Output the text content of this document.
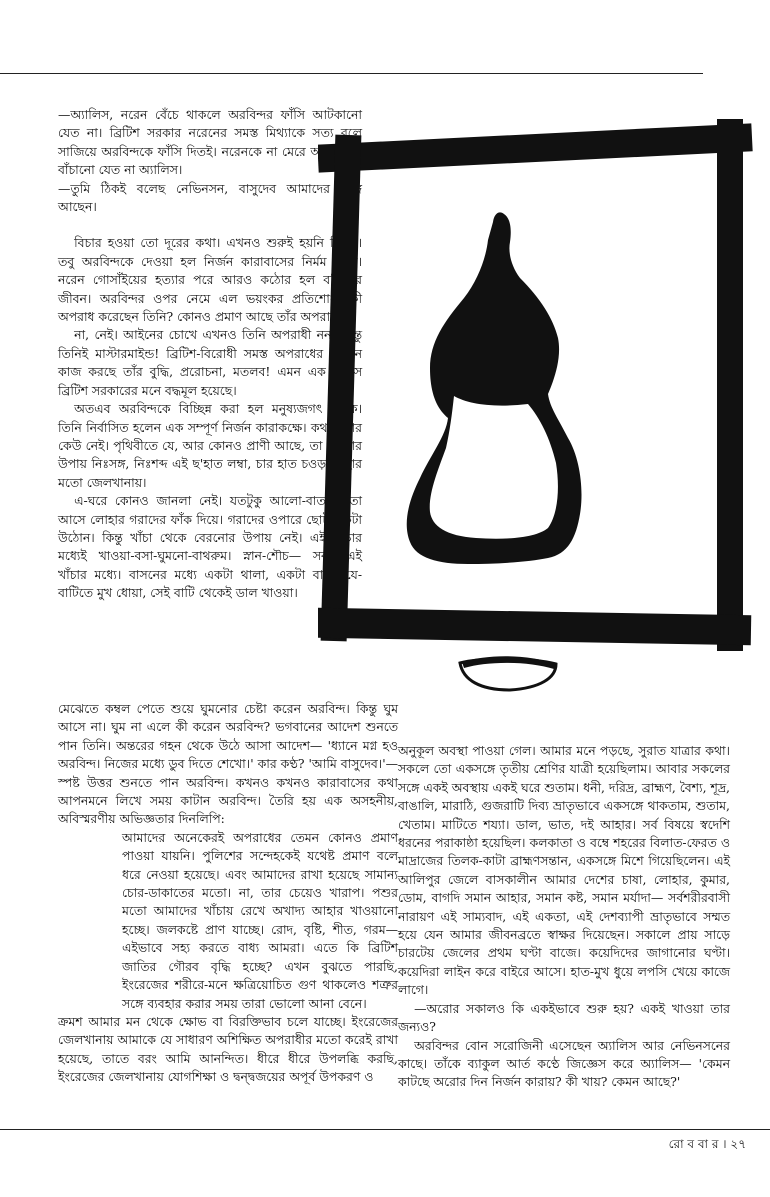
—অ্যালিস, নরেন বেঁচে থাকলে অরবিন্দর ফাঁসি আটকানো যেত না। ব্রিটিশ সরকার নরেনের সমস্ত মিথ্যাকে সত্য বলে সাজিয়ে অরবিন্দকে ফাঁসি দিতই। নরেনকে না মেরে অরবিন্দকে বাঁচানো যেত না অ্যালিস।

—তুমি ঠিকই বলেছ নেভিনসন, বাসুদেব আমাদের সঙ্গে আছেন।

বিচার হওয়া তো দূরের কথা। এখনও শুরুই হয়নি বিচার। তবু অরবিন্দকে দেওয়া হল নির্জন কারাবাসের নির্মম শাস্তি। নরেন গোসাঁইয়ের হত্যার পরে আরও কঠোর হল বন্দিদের জীবন। অরবিন্দর ওপর নেমে এল ভয়ংকর প্রতিশোধ। কী অপরাধ করেছেন তিনি? কোনও প্রমাণ আছে তাঁর অপরাধের?

না, নেই। আইনের চোখে এখনও তিনি অপরাধী নন। কিন্তু তিনিই মাস্টারমাইন্ড! ব্রিটিশ-বিরোধী সমস্ত অপরাধের পিছনে কাজ করছে তাঁর বুদ্ধি, প্ররোচনা, মতলব! এমন এক বিশ্বাস ব্রিটিশ সরকারের মনে বদ্ধমূল হয়েছে।

অতএব অরবিন্দকে বিচ্ছিন্ন করা হল মনুষ্যজগৎ থেকে। তিনি নির্বাসিত হলেন এক সম্পূর্ণ নির্জন কারাকক্ষে। কথা বলার কেউ নেই। পৃথিবীতে যে, আর কোনও প্রাণী আছে, তা বোঝার উপায় নিঃসঙ্গ, নিঃশব্দ এই ছ'হাত লম্বা, চার হাত চওড়া গুহার মতো জেলখানায়।

এ-ঘরে কোনও জানলা নেই। যতটুকু আলো-বাতাস, তা আসে লোহার গরাদের ফাঁক দিয়ে। গরাদের ওপারে ছোট একটা উঠোন। কিন্তু খাঁচা থেকে বেরনোর উপায় নেই। এই খাঁচার মধ্যেই খাওয়া-বসা-ঘুমনো-বাথরুম। স্নান-শৌচ— সবই এই খাঁচার মধ্যে। বাসনের মধ্যে একটা থালা, একটা বাটি। যে-বাটিতে মুখ ধোয়া, সেই বাটি থেকেই ডাল খাওয়া।

মেঝেতে কম্বল পেতে শুয়ে ঘুমনোর চেষ্টা করেন অরবিন্দ। কিন্তু ঘুম আসে না। ঘুম না এলে কী করেন অরবিন্দ? ভগবানের আদেশ শুনতে পান তিনি। অন্তরের গহন থেকে উঠে আসা আদেশ— 'ধ্যানে মগ্ন হও অরবিন্দ। নিজের মধ্যে ডুব দিতে শেখো।' কার কণ্ঠ? 'আমি বাসুদেব।'— স্পষ্ট উত্তর শুনতে পান অরবিন্দ। কখনও কখনও কারাবাসের কথা আপনমনে লিখে সময় কাটান অরবিন্দ। তৈরি হয় এক অসহনীয়, অবিস্মরণীয় অভিজ্ঞতার দিনলিপি:

আমাদের অনেকেরই অপরাধের তেমন কোনও প্রমাণ পাওয়া যায়নি। পুলিশের সন্দেহকেই যথেষ্ট প্রমাণ বলে ধরে নেওয়া হয়েছে। এবং আমাদের রাখা হয়েছে সামান্য চোর-ডাকাতের মতো। না, তার চেয়েও খারাপ। পশুর মতো আমাদের খাঁচায় রেখে অখাদ্য আহার খাওয়ানো হচ্ছে। জলকষ্টে প্রাণ যাচ্ছে। রোদ, বৃষ্টি, শীত, গরম— এইভাবে সহ্য করতে বাধ্য আমরা। এতে কি ব্রিটিশ জাতির গৌরব বৃদ্ধি হচ্ছে? এখন বুঝতে পারছি, ইংরেজের শরীরে-মনে ক্ষত্রিয়োচিত গুণ থাকলেও শত্রুর সঙ্গে ব্যবহার করার সময় তারা ভোলো আনা বেনে।

ক্রমশ আমার মন থেকে ক্ষোভ বা বিরক্তিভাব চলে যাচ্ছে। ইংরেজের জেলখানায় আমাকে যে সাধারণ অশিক্ষিত অপরাধীর মতো করেই রাখা হয়েছে, তাতে বরং আমি আনন্দিত। ধীরে ধীরে উপলব্ধি করছি, ইংরেজের জেলখানায় যোগশিক্ষা ও দ্বন্দ্বজয়ের অপূর্ব উপকরণ ও

অনুকূল অবস্থা পাওয়া গেল। আমার মনে পড়ছে, সুরাত যাত্রার কথা। সকলে তো একসঙ্গে তৃতীয় শ্রেণির যাত্রী হয়েছিলাম। আবার সকলের সঙ্গে একই অবস্থায় একই ঘরে শুতাম। ধনী, দরিদ্র, ব্রাহ্মণ, বৈশ্য, শূদ্র, বাঙালি, মারাঠি, গুজরাটি দিব্য ভ্রাতৃভাবে একসঙ্গে থাকতাম, শুতাম, খেতাম। মাটিতে শয্যা। ডাল, ভাত, দই আহার। সর্ব বিষয়ে স্বদেশি ধরনের পরাকাষ্ঠা হয়েছিল। কলকাতা ও বম্বে শহরের বিলাত-ফেরত ও মাদ্রাজের তিলক-কাটা ব্রাহ্মণসন্তান, একসঙ্গে মিশে গিয়েছিলেন। এই আলিপুর জেলে বাসকালীন আমার দেশের চাষা, লোহার, কুমার, ডোম, বাগদি সমান আহার, সমান কষ্ট, সমান মর্যাদা— সর্বশরীরবাসী নারায়ণ এই সাম্যবাদ, এই একতা, এই দেশব্যাপী ভ্রাতৃভাবে সম্মত হয়ে যেন আমার জীবনব্রতে স্বাক্ষর দিয়েছেন। সকালে প্রায় সাড়ে চারটেয় জেলের প্রথম ঘণ্টা বাজে। কয়েদিদের জাগানোর ঘণ্টা। কয়েদিরা লাইন করে বাইরে আসে। হাত-মুখ ধুয়ে লপসি খেয়ে কাজে লাগে।

—অরোর সকালও কি একইভাবে শুরু হয়? একই খাওয়া তার জন্যও?

অরবিন্দর বোন সরোজিনী এসেছেন অ্যালিস আর নেভিনসনের কাছে। তাঁকে ব্যাকুল আর্ত কণ্ঠে জিজ্ঞেস করে অ্যালিস— 'কেমন কাটছে অরোর দিন নির্জন কারায়? কী খায়? কেমন আছে?'

রো ব বা র । ২৭
